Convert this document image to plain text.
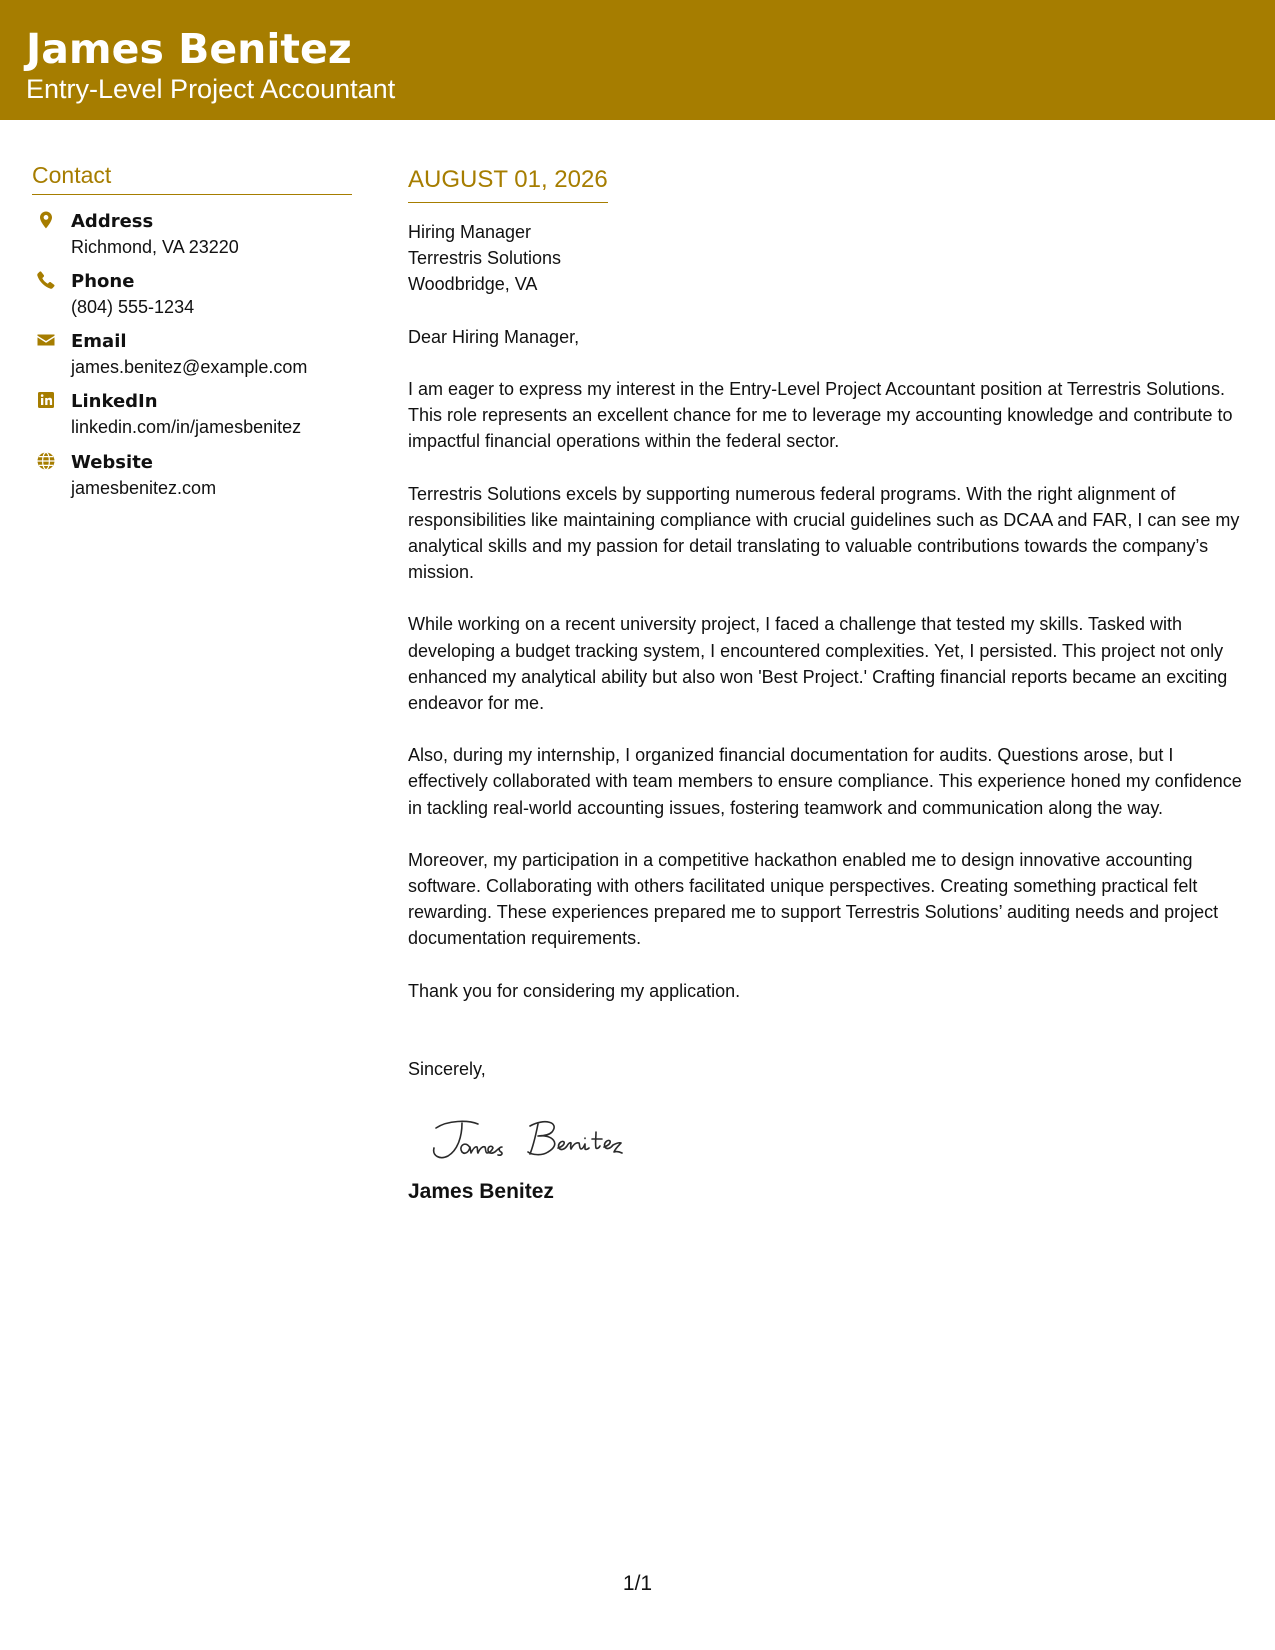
James Benitez
Entry-Level Project Accountant
Contact
Address
Richmond, VA 23220
Phone
(804) 555-1234
Email
james.benitez@example.com
LinkedIn
linkedin.com/in/jamesbenitez
Website
jamesbenitez.com
AUGUST 01, 2026
Hiring Manager
Terrestris Solutions
Woodbridge, VA
Dear Hiring Manager,
I am eager to express my interest in the Entry-Level Project Accountant position at Terrestris Solutions. This role represents an excellent chance for me to leverage my accounting knowledge and contribute to impactful financial operations within the federal sector.
Terrestris Solutions excels by supporting numerous federal programs. With the right alignment of responsibilities like maintaining compliance with crucial guidelines such as DCAA and FAR, I can see my analytical skills and my passion for detail translating to valuable contributions towards the company’s mission.
While working on a recent university project, I faced a challenge that tested my skills. Tasked with developing a budget tracking system, I encountered complexities. Yet, I persisted. This project not only enhanced my analytical ability but also won 'Best Project.' Crafting financial reports became an exciting endeavor for me.
Also, during my internship, I organized financial documentation for audits. Questions arose, but I effectively collaborated with team members to ensure compliance. This experience honed my confidence in tackling real-world accounting issues, fostering teamwork and communication along the way.
Moreover, my participation in a competitive hackathon enabled me to design innovative accounting software. Collaborating with others facilitated unique perspectives. Creating something practical felt rewarding. These experiences prepared me to support Terrestris Solutions’ auditing needs and project documentation requirements.
Thank you for considering my application.
Sincerely,
James Benitez
1/1
